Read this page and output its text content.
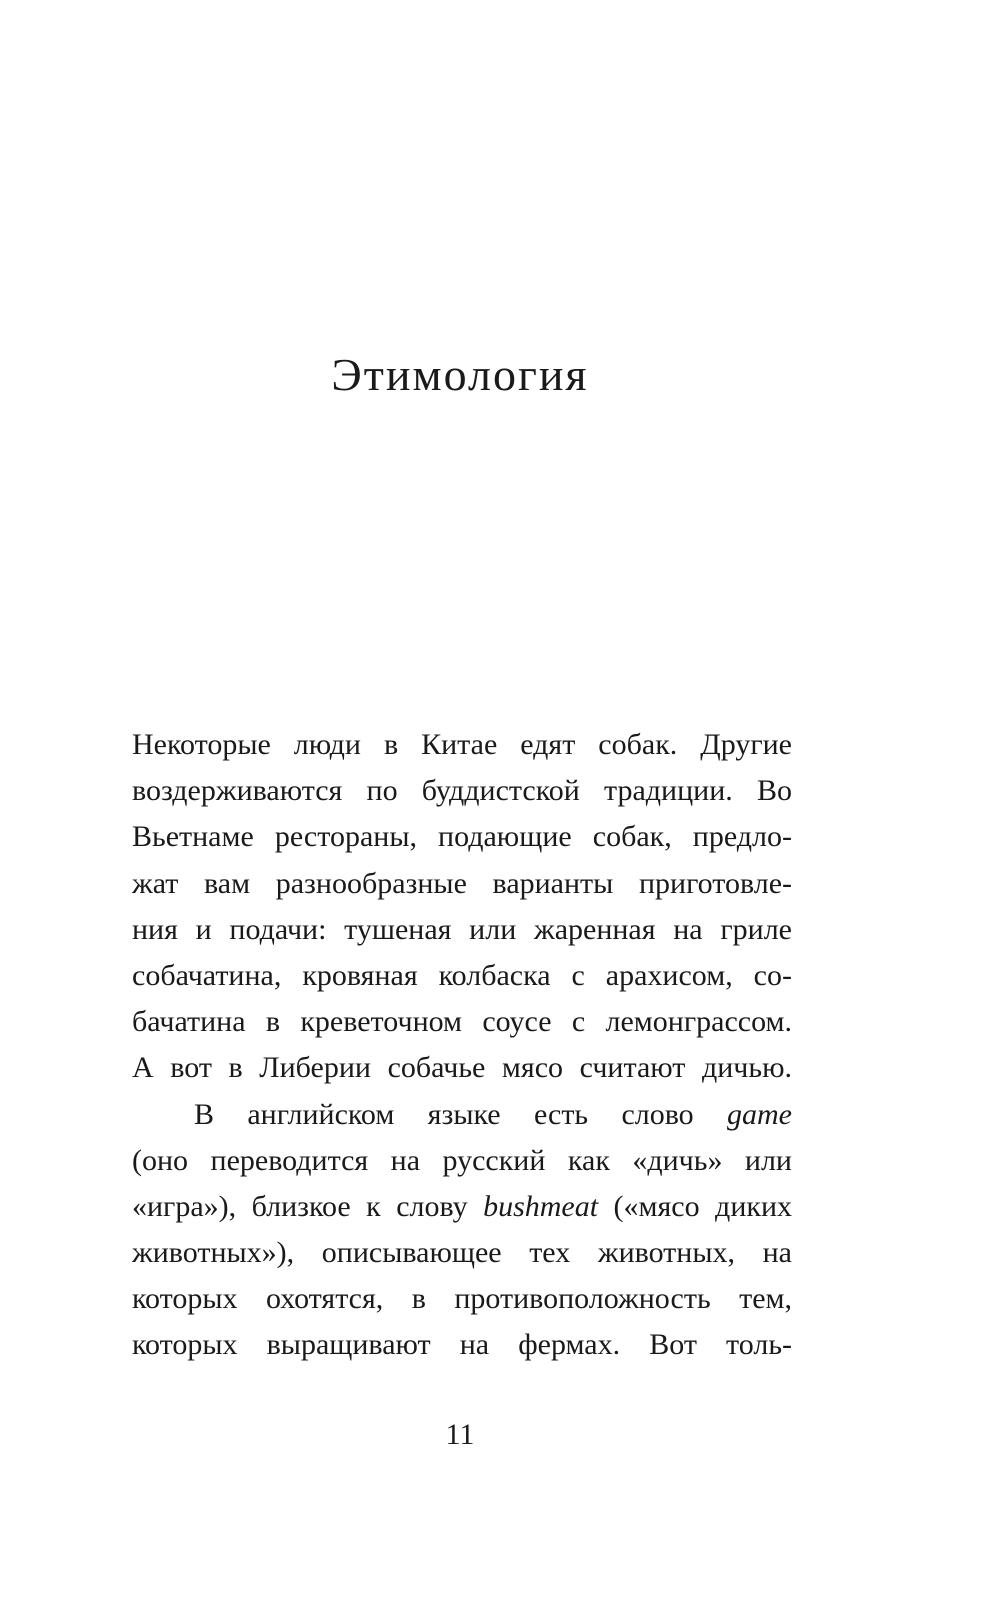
Этимология
Некоторые люди в Китае едят собак. Другие
воздерживаются по буддистской традиции. Во
Вьетнаме рестораны, подающие собак, предло-
жат вам разнообразные варианты приготовле-
ния и подачи: тушеная или жаренная на гриле
собачатина, кровяная колбаска с арахисом, со-
бачатина в креветочном соусе с лемонграссом.
А вот в Либерии собачье мясо считают дичью.
В английском языке есть слово game
(оно переводится на русский как «дичь» или
«игра»), близкое к слову bushmeat («мясо диких
животных»), описывающее тех животных, на
которых охотятся, в противоположность тем,
которых выращивают на фермах. Вот толь-
11
